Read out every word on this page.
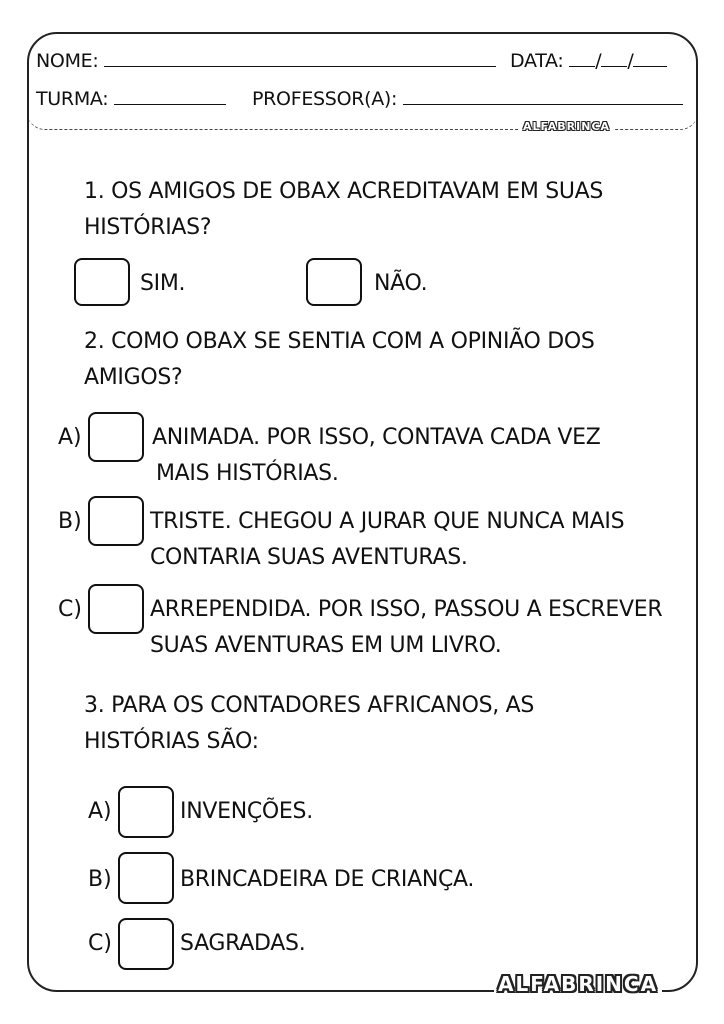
NOME:	DATA: / /
TURMA:	PROFESSOR(A):
ALFABRINCA
1. OS AMIGOS DE OBAX ACREDITAVAM EM SUAS
HISTÓRIAS?
SIM.	NÃO.
2. COMO OBAX SE SENTIA COM A OPINIÃO DOS
AMIGOS?
A)	ANIMADA. POR ISSO, CONTAVA CADA VEZ
MAIS HISTÓRIAS.
B)	TRISTE. CHEGOU A JURAR QUE NUNCA MAIS
CONTARIA SUAS AVENTURAS.
C)	ARREPENDIDA. POR ISSO, PASSOU A ESCREVER
SUAS AVENTURAS EM UM LIVRO.
3. PARA OS CONTADORES AFRICANOS, AS
HISTÓRIAS SÃO:
A)	INVENÇÕES.
B)	BRINCADEIRA DE CRIANÇA.
C)	SAGRADAS.
ALFABRINCA
